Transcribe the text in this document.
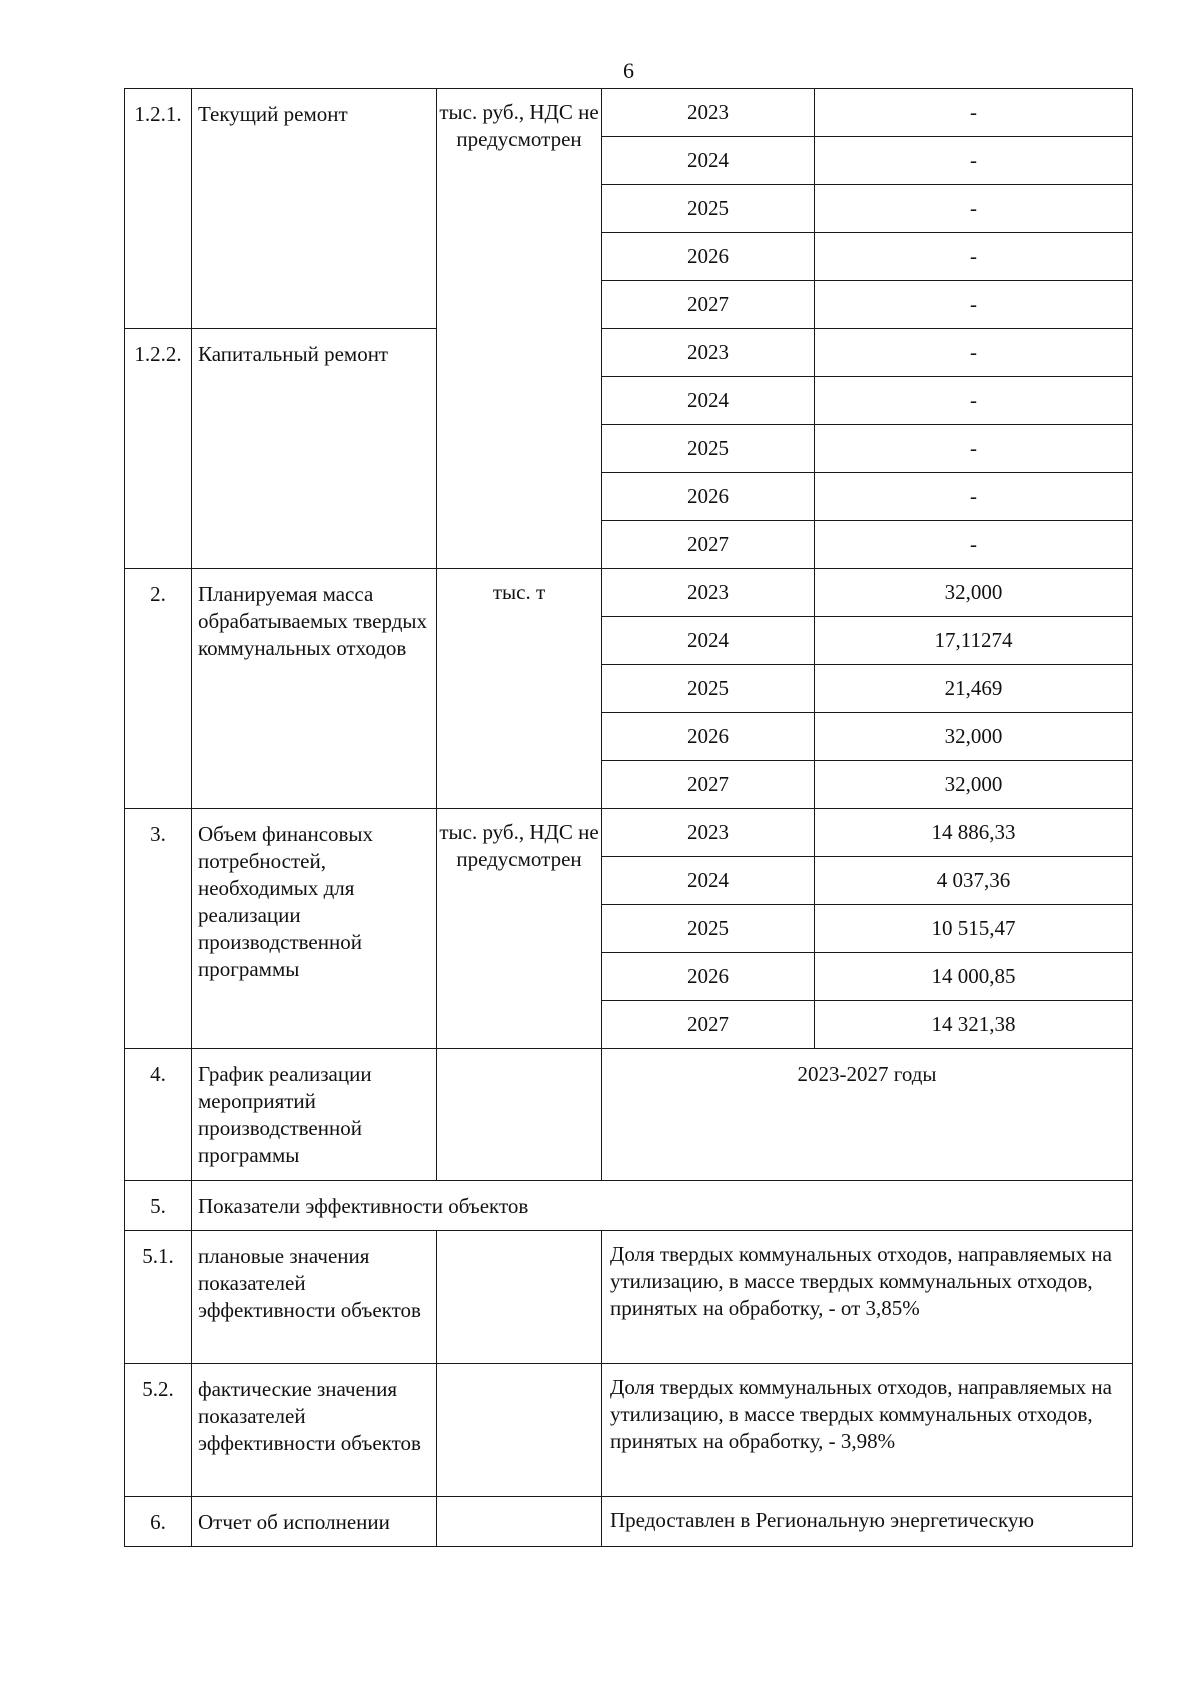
6
1.2.1.	Текущий ремонт	тыс. руб., НДС не предусмотрен	2023	-
			2024	-
			2025	-
			2026	-
			2027	-
1.2.2.	Капитальный ремонт		2023	-
			2024	-
			2025	-
			2026	-
			2027	-
2.	Планируемая масса обрабатываемых твердых коммунальных отходов	тыс. т	2023	32,000
			2024	17,11274
			2025	21,469
			2026	32,000
			2027	32,000
3.	Объем финансовых потребностей, необходимых для реализации производственной программы	тыс. руб., НДС не предусмотрен	2023	14 886,33
			2024	4 037,36
			2025	10 515,47
			2026	14 000,85
			2027	14 321,38
4.	График реализации мероприятий производственной программы		2023-2027 годы	
5.	Показатели эффективности объектов			
5.1.	плановые значения показателей эффективности объектов		Доля твердых коммунальных отходов, направляемых на утилизацию, в массе твердых коммунальных отходов, принятых на обработку, - от 3,85%	
5.2.	фактические значения показателей эффективности объектов		Доля твердых коммунальных отходов, направляемых на утилизацию, в массе твердых коммунальных отходов, принятых на обработку, - 3,98%	
6.	Отчет об исполнении		Предоставлен в Региональную энергетическую	
